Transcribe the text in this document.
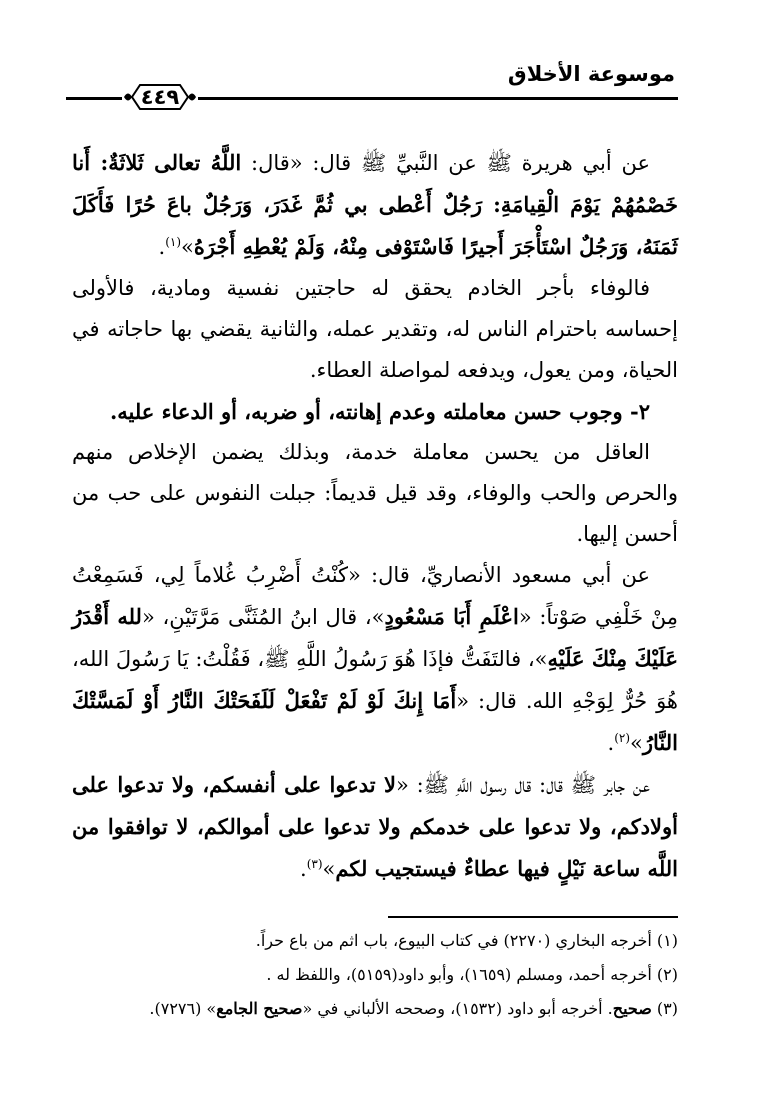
موسوعة الأخلاق
٤٤٩

عن أبي هريرة ﷺ عن النَّبيِّ ﷺ قال: «قال: اللَّهُ تعالى ثَلاثَةٌ: أَنا خَصْمُهُمْ يَوْمَ الْقِيامَةِ: رَجُلٌ أَعْطى بي ثُمَّ غَدَرَ، وَرَجُلٌ باعَ حُرًا فَأَكَلَ ثَمَنَهُ، وَرَجُلٌ اسْتَأْجَرَ أَجيرًا فَاسْتَوْفى مِنْهُ، وَلَمْ يُعْطِهِ أَجْرَهُ»$^{(١)}$.

فالوفاء بأجر الخادم يحقق له حاجتين نفسية ومادية، فالأولى إحساسه باحترام الناس له، وتقدير عمله، والثانية يقضي بها حاجاته في الحياة، ومن يعول، ويدفعه لمواصلة العطاء.

٢- وجوب حسن معاملته وعدم إهانته، أو ضربه، أو الدعاء عليه.

العاقل من يحسن معاملة خدمة، وبذلك يضمن الإخلاص منهم والحرص والحب والوفاء، وقد قيل قديماً: جبلت النفوس على حب من أحسن إليها.

عن أبي مسعود الأنصاريِّ، قال: «كُنْتُ أَضْرِبُ غُلاماً لِي، فَسَمِعْتُ مِنْ خَلْفِي صَوْتاً: «اعْلَمِ أَبَا مَسْعُودٍ»، قال ابنُ المُثَنَّى مَرَّتَيْنِ، «لله أَقْدَرُ عَلَيْكَ مِنْكَ عَلَيْهِ»، فالتَفَتُّ فإذَا هُوَ رَسُولُ اللَّهِ ﷺ، فَقُلْتُ: يَا رَسُولَ الله، هُوَ حُرٌّ لِوَجْهِ الله. قال: «أَمَا إِنكَ لَوْ لَمْ تَفْعَلْ لَلَفَحَتْكَ النَّارُ أَوْ لَمَسَّتْكَ النَّارُ»$^{(٢)}$.

عن جابر ﷺ قال: قال رسول اللَّهِ ﷺ: «لا تدعوا على أنفسكم، ولا تدعوا على أولادكم، ولا تدعوا على خدمكم ولا تدعوا على أموالكم، لا توافقوا من اللَّه ساعة نَيْلٍ فيها عطاءٌ فيستجيب لكم»$^{(٣)}$.

(١) أخرجه البخاري (٢٢٧٠) في كتاب البيوع، باب اثم من باع حراً.
(٢) أخرجه أحمد، ومسلم (١٦٥٩)، وأبو داود(٥١٥٩)، واللفظ له .
(٣) صحيح. أخرجه أبو داود (١٥٣٢)، وصححه الألباني في «صحيح الجامع» (٧٢٧٦).
